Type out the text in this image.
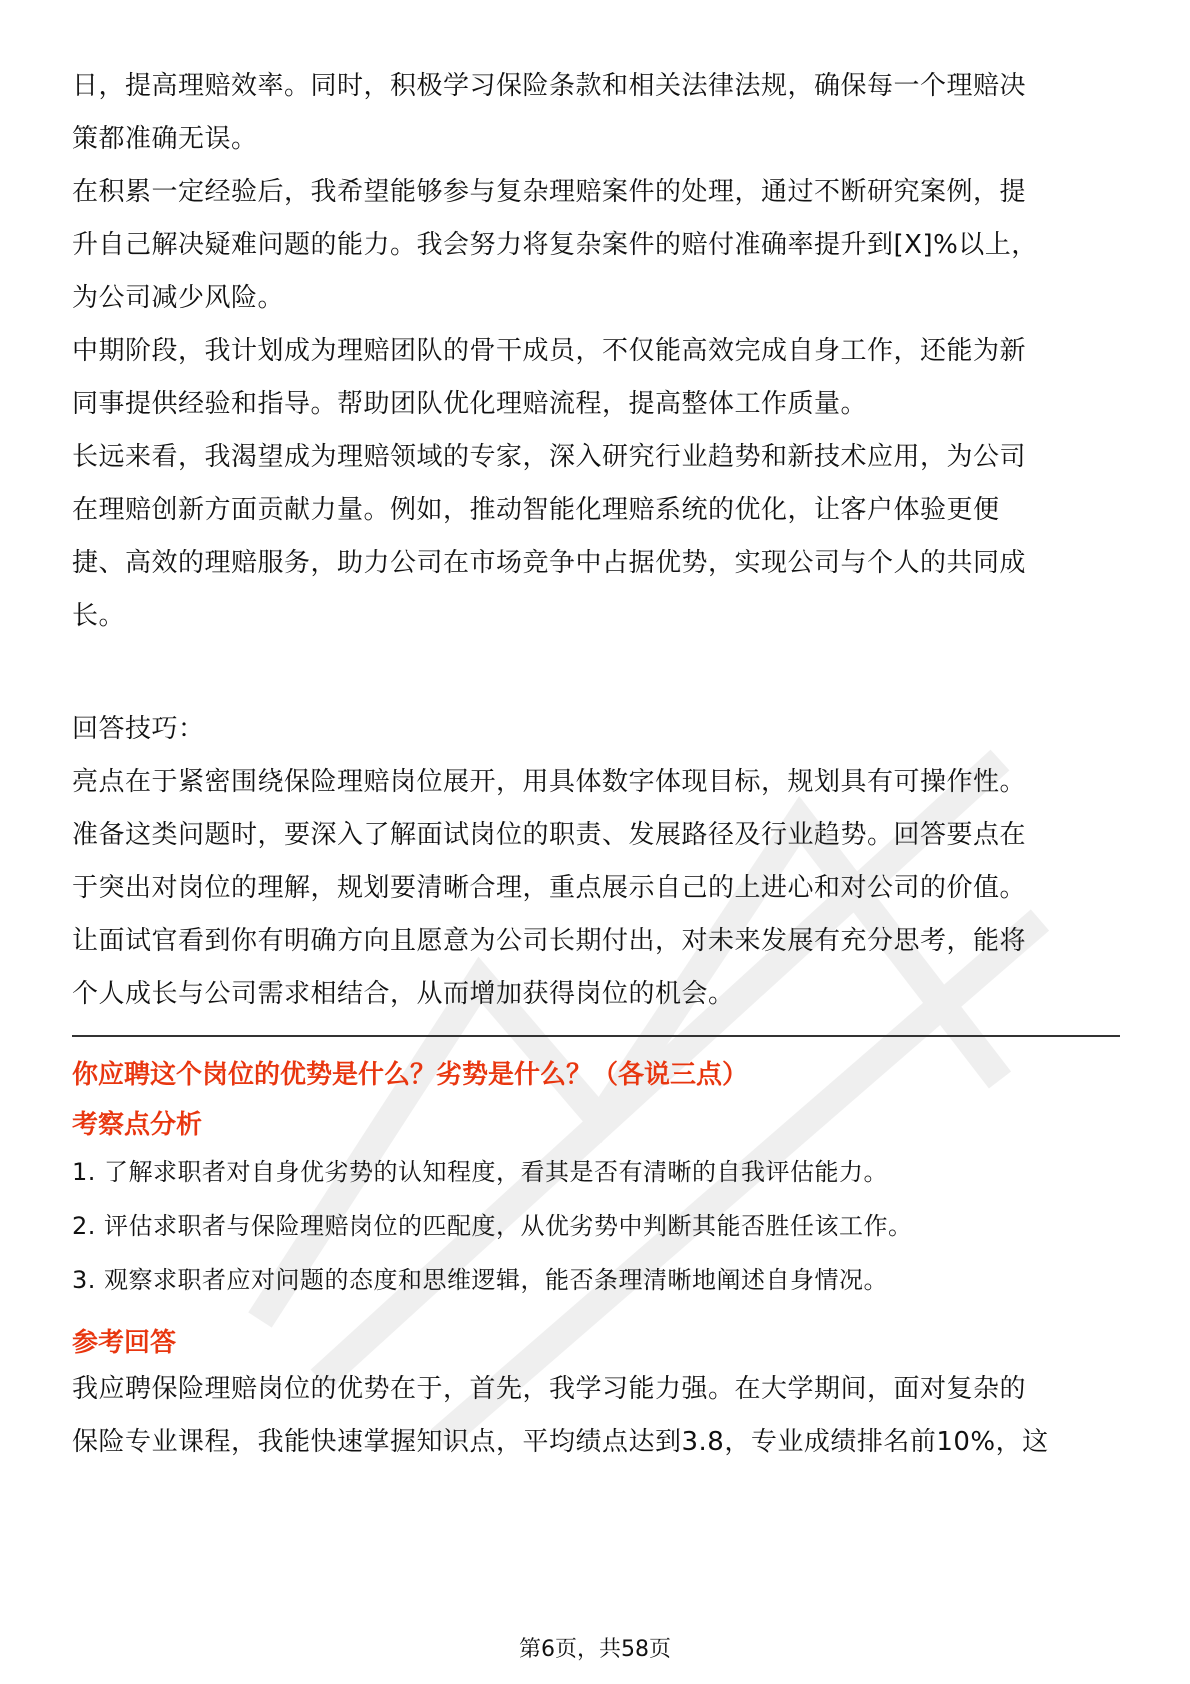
日，提高理赔效率。同时，积极学习保险条款和相关法律法规，确保每一个理赔决

策都准确无误。

在积累一定经验后，我希望能够参与复杂理赔案件的处理，通过不断研究案例，提

升自己解决疑难问题的能力。我会努力将复杂案件的赔付准确率提升到[X]%以上，

为公司减少风险。

中期阶段，我计划成为理赔团队的骨干成员，不仅能高效完成自身工作，还能为新

同事提供经验和指导。帮助团队优化理赔流程，提高整体工作质量。

长远来看，我渴望成为理赔领域的专家，深入研究行业趋势和新技术应用，为公司

在理赔创新方面贡献力量。例如，推动智能化理赔系统的优化，让客户体验更便

捷、高效的理赔服务，助力公司在市场竞争中占据优势，实现公司与个人的共同成

长。

回答技巧：

亮点在于紧密围绕保险理赔岗位展开，用具体数字体现目标，规划具有可操作性。

准备这类问题时，要深入了解面试岗位的职责、发展路径及行业趋势。回答要点在

于突出对岗位的理解，规划要清晰合理，重点展示自己的上进心和对公司的价值。

让面试官看到你有明确方向且愿意为公司长期付出，对未来发展有充分思考，能将

个人成长与公司需求相结合，从而增加获得岗位的机会。

你应聘这个岗位的优势是什么？劣势是什么？（各说三点）

考察点分析

1. 了解求职者对自身优劣势的认知程度，看其是否有清晰的自我评估能力。

2. 评估求职者与保险理赔岗位的匹配度，从优劣势中判断其能否胜任该工作。

3. 观察求职者应对问题的态度和思维逻辑，能否条理清晰地阐述自身情况。

参考回答

我应聘保险理赔岗位的优势在于，首先，我学习能力强。在大学期间，面对复杂的

保险专业课程，我能快速掌握知识点，平均绩点达到3.8，专业成绩排名前10%，这

第6页，共58页
